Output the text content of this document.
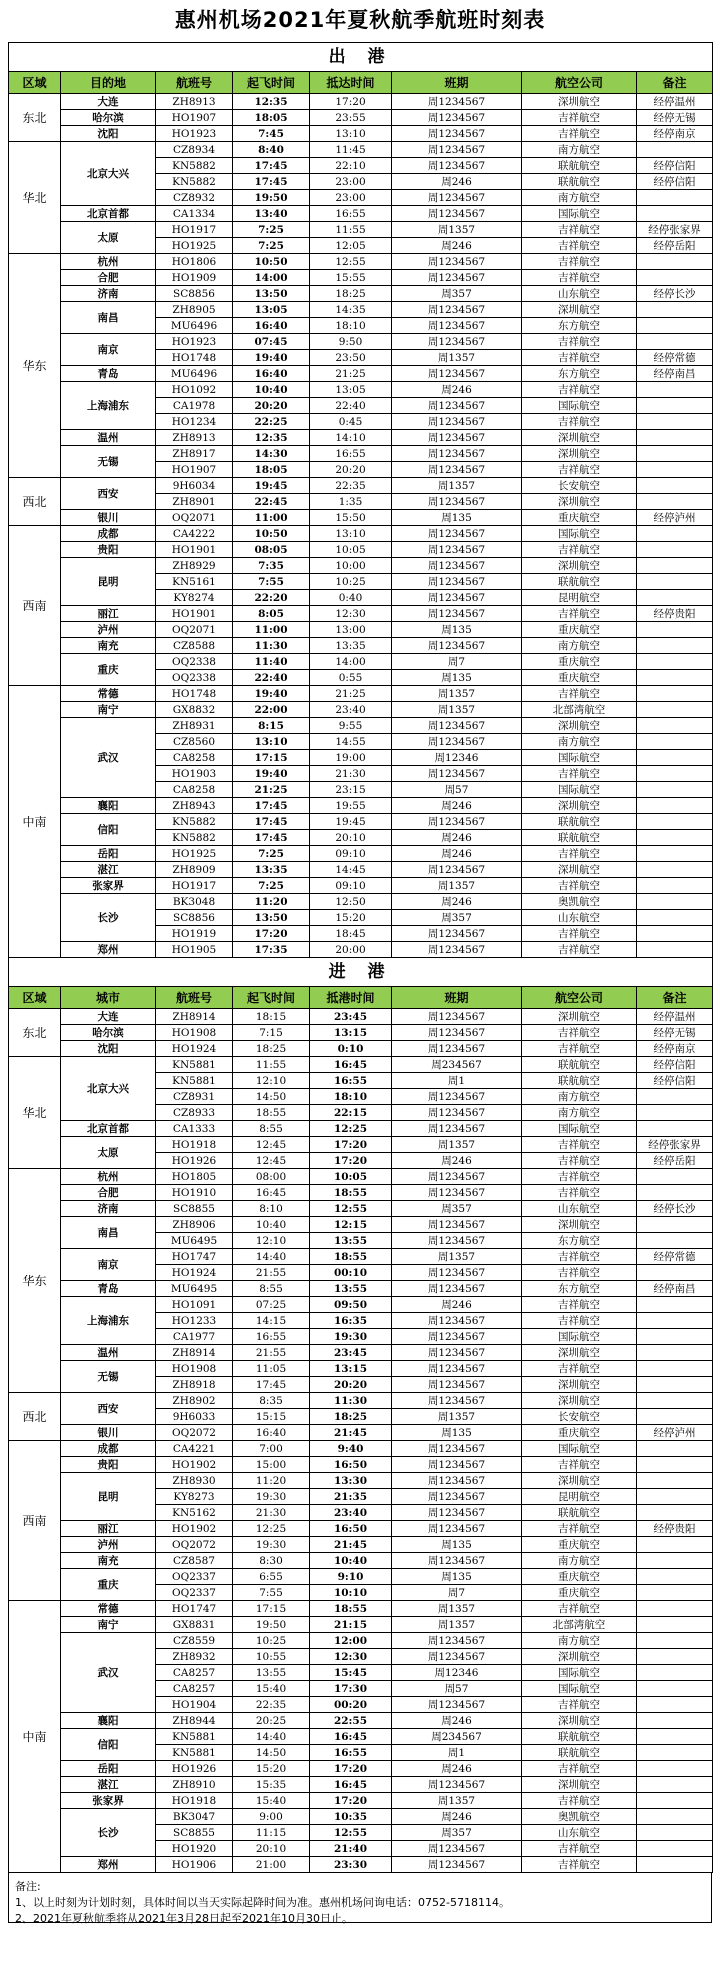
惠州机场2021年夏秋航季航班时刻表
出 港							
区域	目的地	航班号	起飞时间	抵达时间	班期	航空公司	备注
东北	大连	ZH8913	12:35	17:20	周1234567	深圳航空	经停温州
	哈尔滨	HO1907	18:05	23:55	周1234567	吉祥航空	经停无锡
	沈阳	HO1923	7:45	13:10	周1234567	吉祥航空	经停南京
华北	北京大兴	CZ8934	8:40	11:45	周1234567	南方航空	
		KN5882	17:45	22:10	周1234567	联航航空	经停信阳
		KN5882	17:45	23:00	周246	联航航空	经停信阳
		CZ8932	19:50	23:00	周1234567	南方航空	
	北京首都	CA1334	13:40	16:55	周1234567	国际航空	
	太原	HO1917	7:25	11:55	周1357	吉祥航空	经停张家界
		HO1925	7:25	12:05	周246	吉祥航空	经停岳阳
华东	杭州	HO1806	10:50	12:55	周1234567	吉祥航空	
	合肥	HO1909	14:00	15:55	周1234567	吉祥航空	
	济南	SC8856	13:50	18:25	周357	山东航空	经停长沙
	南昌	ZH8905	13:05	14:35	周1234567	深圳航空	
		MU6496	16:40	18:10	周1234567	东方航空	
	南京	HO1923	07:45	9:50	周1234567	吉祥航空	
		HO1748	19:40	23:50	周1357	吉祥航空	经停常德
	青岛	MU6496	16:40	21:25	周1234567	东方航空	经停南昌
	上海浦东	HO1092	10:40	13:05	周246	吉祥航空	
		CA1978	20:20	22:40	周1234567	国际航空	
		HO1234	22:25	0:45	周1234567	吉祥航空	
	温州	ZH8913	12:35	14:10	周1234567	深圳航空	
	无锡	ZH8917	14:30	16:55	周1234567	深圳航空	
		HO1907	18:05	20:20	周1234567	吉祥航空	
西北	西安	9H6034	19:45	22:35	周1357	长安航空	
		ZH8901	22:45	1:35	周1234567	深圳航空	
	银川	OQ2071	11:00	15:50	周135	重庆航空	经停泸州
西南	成都	CA4222	10:50	13:10	周1234567	国际航空	
	贵阳	HO1901	08:05	10:05	周1234567	吉祥航空	
	昆明	ZH8929	7:35	10:00	周1234567	深圳航空	
		KN5161	7:55	10:25	周1234567	联航航空	
		KY8274	22:20	0:40	周1234567	昆明航空	
	丽江	HO1901	8:05	12:30	周1234567	吉祥航空	经停贵阳
	泸州	OQ2071	11:00	13:00	周135	重庆航空	
	南充	CZ8588	11:30	13:35	周1234567	南方航空	
	重庆	OQ2338	11:40	14:00	周7	重庆航空	
		OQ2338	22:40	0:55	周135	重庆航空	
中南	常德	HO1748	19:40	21:25	周1357	吉祥航空	
	南宁	GX8832	22:00	23:40	周1357	北部湾航空	
	武汉	ZH8931	8:15	9:55	周1234567	深圳航空	
		CZ8560	13:10	14:55	周1234567	南方航空	
		CA8258	17:15	19:00	周12346	国际航空	
		HO1903	19:40	21:30	周1234567	吉祥航空	
		CA8258	21:25	23:15	周57	国际航空	
	襄阳	ZH8943	17:45	19:55	周246	深圳航空	
	信阳	KN5882	17:45	19:45	周1234567	联航航空	
		KN5882	17:45	20:10	周246	联航航空	
	岳阳	HO1925	7:25	09:10	周246	吉祥航空	
	湛江	ZH8909	13:35	14:45	周1234567	深圳航空	
	张家界	HO1917	7:25	09:10	周1357	吉祥航空	
	长沙	BK3048	11:20	12:50	周246	奥凯航空	
		SC8856	13:50	15:20	周357	山东航空	
		HO1919	17:20	18:45	周1234567	吉祥航空	
	郑州	HO1905	17:35	20:00	周1234567	吉祥航空	
进 港							
区域	城市	航班号	起飞时间	抵港时间	班期	航空公司	备注
东北	大连	ZH8914	18:15	23:45	周1234567	深圳航空	经停温州
	哈尔滨	HO1908	7:15	13:15	周1234567	吉祥航空	经停无锡
	沈阳	HO1924	18:25	0:10	周1234567	吉祥航空	经停南京
华北	北京大兴	KN5881	11:55	16:45	周234567	联航航空	经停信阳
		KN5881	12:10	16:55	周1	联航航空	经停信阳
		CZ8931	14:50	18:10	周1234567	南方航空	
		CZ8933	18:55	22:15	周1234567	南方航空	
	北京首都	CA1333	8:55	12:25	周1234567	国际航空	
	太原	HO1918	12:45	17:20	周1357	吉祥航空	经停张家界
		HO1926	12:45	17:20	周246	吉祥航空	经停岳阳
华东	杭州	HO1805	08:00	10:05	周1234567	吉祥航空	
	合肥	HO1910	16:45	18:55	周1234567	吉祥航空	
	济南	SC8855	8:10	12:55	周357	山东航空	经停长沙
	南昌	ZH8906	10:40	12:15	周1234567	深圳航空	
		MU6495	12:10	13:55	周1234567	东方航空	
	南京	HO1747	14:40	18:55	周1357	吉祥航空	经停常德
		HO1924	21:55	00:10	周1234567	吉祥航空	
	青岛	MU6495	8:55	13:55	周1234567	东方航空	经停南昌
	上海浦东	HO1091	07:25	09:50	周246	吉祥航空	
		HO1233	14:15	16:35	周1234567	吉祥航空	
		CA1977	16:55	19:30	周1234567	国际航空	
	温州	ZH8914	21:55	23:45	周1234567	深圳航空	
	无锡	HO1908	11:05	13:15	周1234567	吉祥航空	
		ZH8918	17:45	20:20	周1234567	深圳航空	
西北	西安	ZH8902	8:35	11:30	周1234567	深圳航空	
		9H6033	15:15	18:25	周1357	长安航空	
	银川	OQ2072	16:40	21:45	周135	重庆航空	经停泸州
西南	成都	CA4221	7:00	9:40	周1234567	国际航空	
	贵阳	HO1902	15:00	16:50	周1234567	吉祥航空	
	昆明	ZH8930	11:20	13:30	周1234567	深圳航空	
		KY8273	19:30	21:35	周1234567	昆明航空	
		KN5162	21:30	23:40	周1234567	联航航空	
	丽江	HO1902	12:25	16:50	周1234567	吉祥航空	经停贵阳
	泸州	OQ2072	19:30	21:45	周135	重庆航空	
	南充	CZ8587	8:30	10:40	周1234567	南方航空	
	重庆	OQ2337	6:55	9:10	周135	重庆航空	
		OQ2337	7:55	10:10	周7	重庆航空	
中南	常德	HO1747	17:15	18:55	周1357	吉祥航空	
	南宁	GX8831	19:50	21:15	周1357	北部湾航空	
	武汉	CZ8559	10:25	12:00	周1234567	南方航空	
		ZH8932	10:55	12:30	周1234567	深圳航空	
		CA8257	13:55	15:45	周12346	国际航空	
		CA8257	15:40	17:30	周57	国际航空	
		HO1904	22:35	00:20	周1234567	吉祥航空	
	襄阳	ZH8944	20:25	22:55	周246	深圳航空	
	信阳	KN5881	14:40	16:45	周234567	联航航空	
		KN5881	14:50	16:55	周1	联航航空	
	岳阳	HO1926	15:20	17:20	周246	吉祥航空	
	湛江	ZH8910	15:35	16:45	周1234567	深圳航空	
	张家界	HO1918	15:40	17:20	周1357	吉祥航空	
	长沙	BK3047	9:00	10:35	周246	奥凯航空	
		SC8855	11:15	12:55	周357	山东航空	
		HO1920	20:10	21:40	周1234567	吉祥航空	
	郑州	HO1906	21:00	23:30	周1234567	吉祥航空	
备注:
1、以上时刻为计划时刻，具体时间以当天实际起降时间为准。惠州机场问询电话：0752-5718114。
2、2021年夏秋航季将从2021年3月28日起至2021年10月30日止。
